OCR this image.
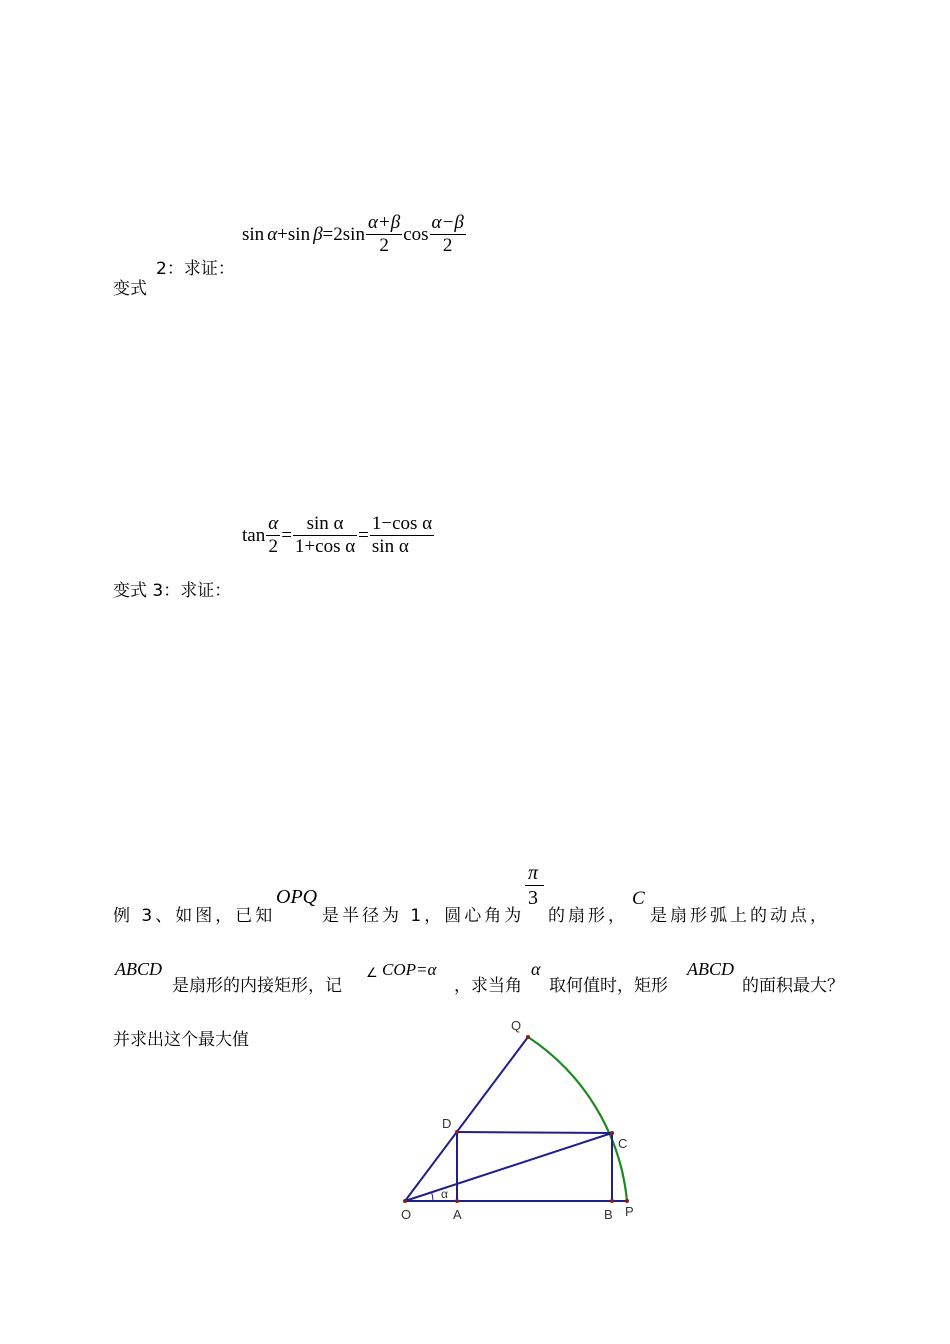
sin α + sin β = 2 $\sin \frac{\alpha+\beta}{2}$ $\cos \frac{\alpha-\beta}{2}$
2：求证：
变式
$\tan \frac{\alpha}{2} = \frac{\text{sin α}}{\text{1+cos α}} = \frac{\text{1−cos α}}{\text{sin α}}$
变式 3：求证：
例 3、如图，已知
OPQ
是半径为 1，圆心角为
π
3
的扇形，
C
是扇形弧上的动点，
ABCD
是扇形的内接矩形，记
∠ COP=α
，求当角
α
取何值时，矩形
ABCD
的面积最大？
并求出这个最大值
Q
D
C
O	A	B P
α
